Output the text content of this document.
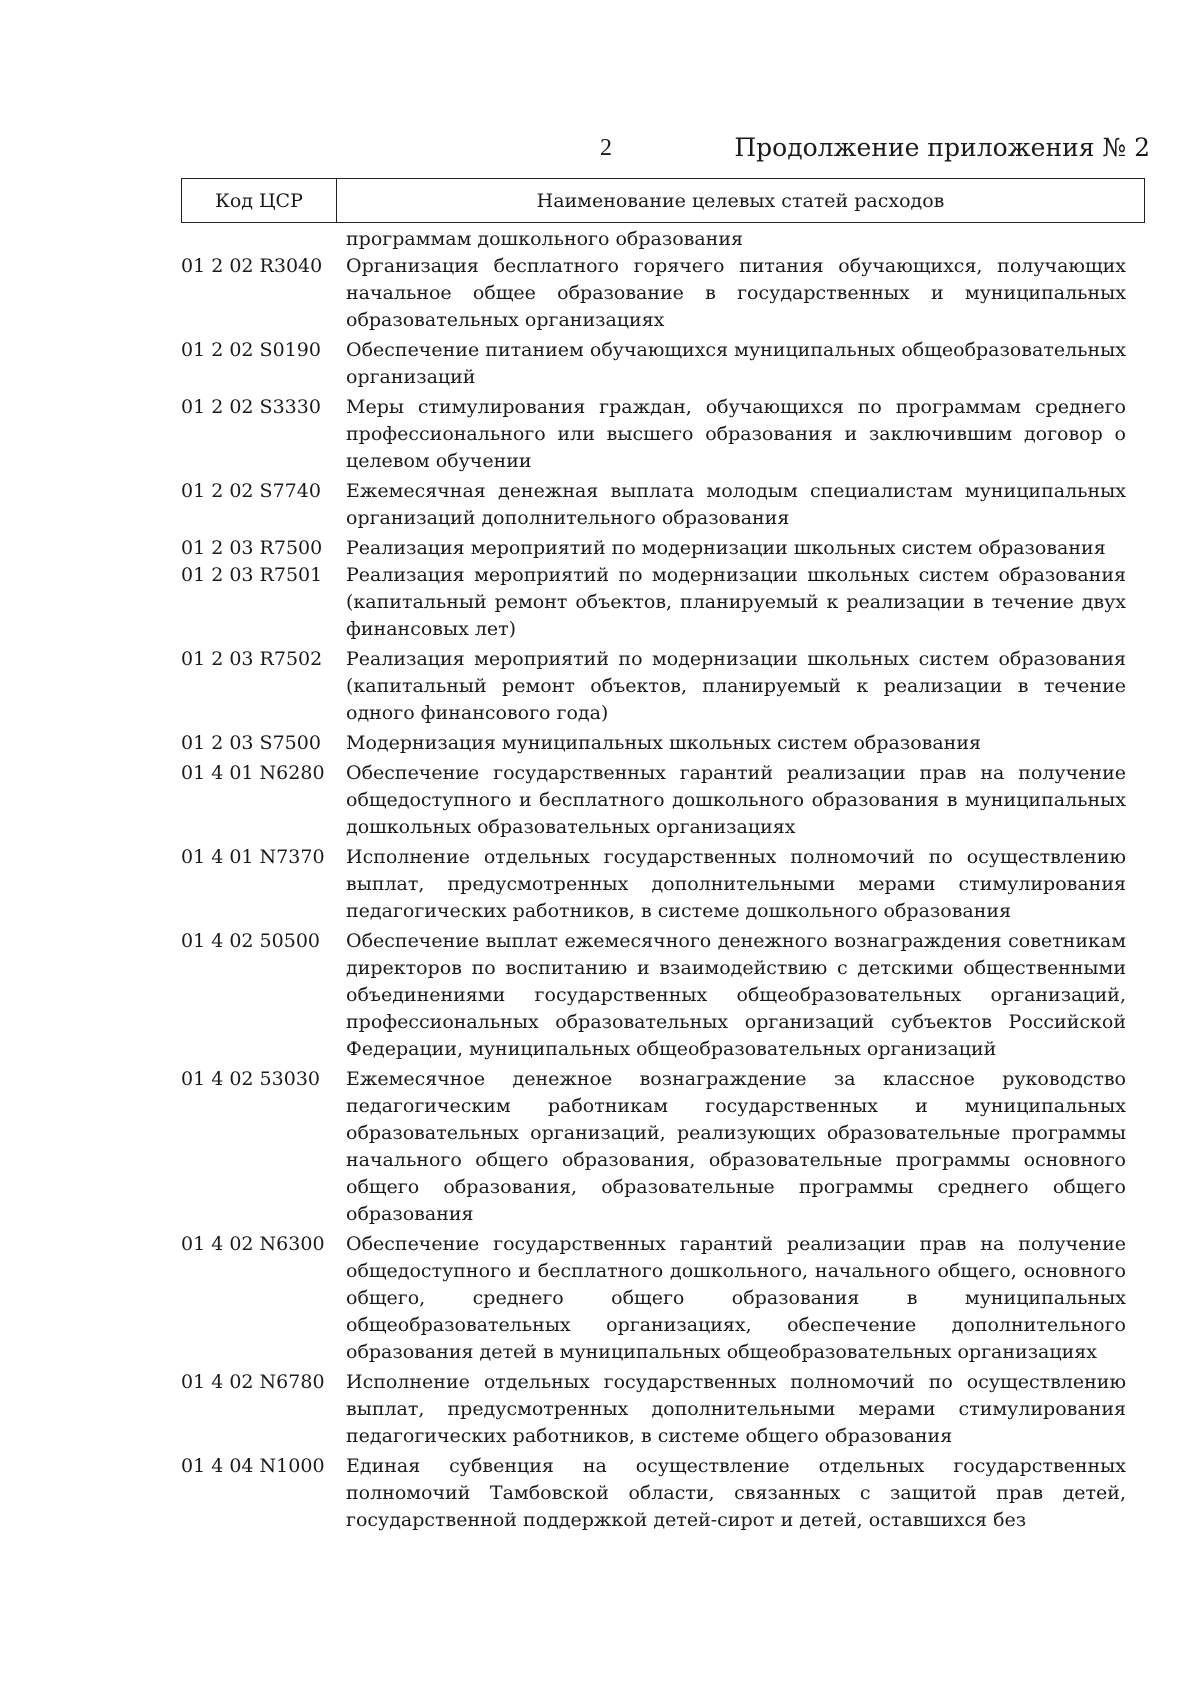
2	Продолжение приложения № 2
Код ЦСР	Наименование целевых статей расходов
программам дошкольного образования
01 2 02 R3040	Организация бесплатного горячего питания обучающихся, получающих начальное общее образование в государственных и муниципальных образовательных организациях
01 2 02 S0190	Обеспечение питанием обучающихся муниципальных общеобразовательных организаций
01 2 02 S3330	Меры стимулирования граждан, обучающихся по программам среднего профессионального или высшего образования и заключившим договор о целевом обучении
01 2 02 S7740	Ежемесячная денежная выплата молодым специалистам муниципальных организаций дополнительного образования
01 2 03 R7500	Реализация мероприятий по модернизации школьных систем образования
01 2 03 R7501	Реализация мероприятий по модернизации школьных систем образования (капитальный ремонт объектов, планируемый к реализации в течение двух финансовых лет)
01 2 03 R7502	Реализация мероприятий по модернизации школьных систем образования (капитальный ремонт объектов, планируемый к реализации в течение одного финансового года)
01 2 03 S7500	Модернизация муниципальных школьных систем образования
01 4 01 N6280	Обеспечение государственных гарантий реализации прав на получение общедоступного и бесплатного дошкольного образования в муниципальных дошкольных образовательных организациях
01 4 01 N7370	Исполнение отдельных государственных полномочий по осуществлению выплат, предусмотренных дополнительными мерами стимулирования педагогических работников, в системе дошкольного образования
01 4 02 50500	Обеспечение выплат ежемесячного денежного вознаграждения советникам директоров по воспитанию и взаимодействию с детскими общественными объединениями государственных общеобразовательных организаций, профессиональных образовательных организаций субъектов Российской Федерации, муниципальных общеобразовательных организаций
01 4 02 53030	Ежемесячное денежное вознаграждение за классное руководство педагогическим работникам государственных и муниципальных образовательных организаций, реализующих образовательные программы начального общего образования, образовательные программы основного общего образования, образовательные программы среднего общего образования
01 4 02 N6300	Обеспечение государственных гарантий реализации прав на получение общедоступного и бесплатного дошкольного, начального общего, основного общего, среднего общего образования в муниципальных общеобразовательных организациях, обеспечение дополнительного образования детей в муниципальных общеобразовательных организациях
01 4 02 N6780	Исполнение отдельных государственных полномочий по осуществлению выплат, предусмотренных дополнительными мерами стимулирования педагогических работников, в системе общего образования
01 4 04 N1000	Единая субвенция на осуществление отдельных государственных полномочий Тамбовской области, связанных с защитой прав детей, государственной поддержкой детей-сирот и детей, оставшихся без
